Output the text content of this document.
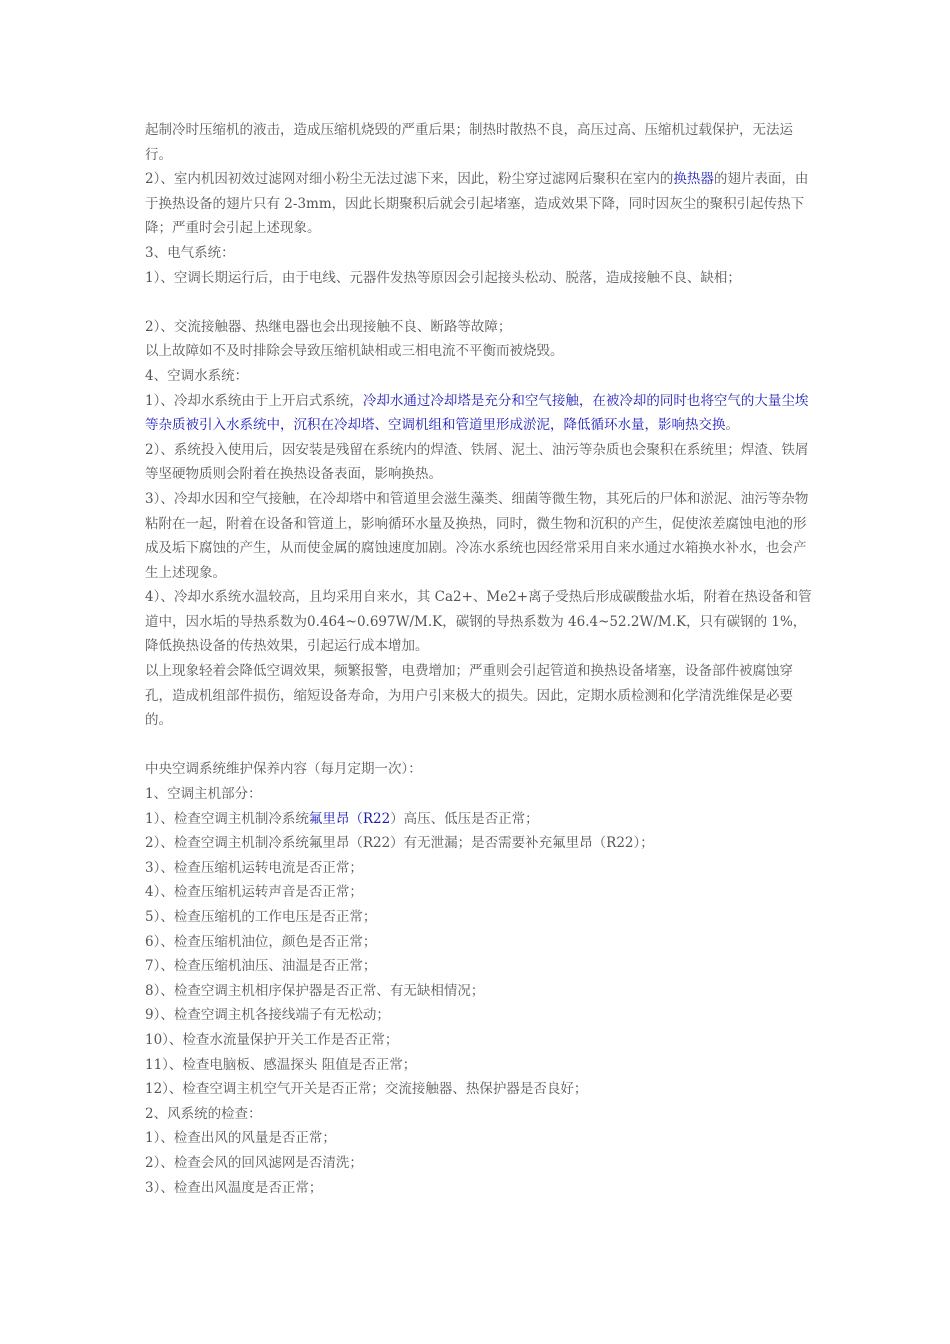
起制冷时压缩机的液击，造成压缩机烧毁的严重后果；制热时散热不良，高压过高、压缩机过载保护，无法运行。

2）、室内机因初效过滤网对细小粉尘无法过滤下来，因此，粉尘穿过滤网后聚积在室内的换热器的翅片表面，由于换热设备的翅片只有 2-3mm，因此长期聚积后就会引起堵塞，造成效果下降，同时因灰尘的聚积引起传热下降；严重时会引起上述现象。

3、电气系统：

1）、空调长期运行后，由于电线、元器件发热等原因会引起接头松动、脱落，造成接触不良、缺相；

2）、交流接触器、热继电器也会出现接触不良、断路等故障；

以上故障如不及时排除会导致压缩机缺相或三相电流不平衡而被烧毁。

4、空调水系统：

1）、冷却水系统由于上开启式系统，冷却水通过冷却塔是充分和空气接触，在被冷却的同时也将空气的大量尘埃等杂质被引入水系统中，沉积在冷却塔、空调机组和管道里形成淤泥，降低循环水量，影响热交换。

2）、系统投入使用后，因安装是残留在系统内的焊渣、铁屑、泥土、油污等杂质也会聚积在系统里；焊渣、铁屑等坚硬物质则会附着在换热设备表面，影响换热。

3）、冷却水因和空气接触，在冷却塔中和管道里会滋生藻类、细菌等微生物，其死后的尸体和淤泥、油污等杂物粘附在一起，附着在设备和管道上，影响循环水量及换热，同时，微生物和沉积的产生，促使浓差腐蚀电池的形成及垢下腐蚀的产生，从而使金属的腐蚀速度加剧。冷冻水系统也因经常采用自来水通过水箱换水补水，也会产生上述现象。

4）、冷却水系统水温较高，且均采用自来水，其 Ca2+、Me2+离子受热后形成碳酸盐水垢，附着在热设备和管道中，因水垢的导热系数为0.464~0.697W/M.K，碳钢的导热系数为 46.4~52.2W/M.K，只有碳钢的 1%，降低换热设备的传热效果，引起运行成本增加。

以上现象轻着会降低空调效果，频繁报警，电费增加；严重则会引起管道和换热设备堵塞，设备部件被腐蚀穿孔，造成机组部件损伤，缩短设备寿命，为用户引来极大的损失。因此，定期水质检测和化学清洗维保是必要的。

中央空调系统维护保养内容（每月定期一次）：

1、空调主机部分：

1）、检查空调主机制冷系统氟里昂（R22）高压、低压是否正常；

2）、检查空调主机制冷系统氟里昂（R22）有无泄漏；是否需要补充氟里昂（R22）；

3）、检查压缩机运转电流是否正常；

4）、检查压缩机运转声音是否正常；

5）、检查压缩机的工作电压是否正常；

6）、检查压缩机油位，颜色是否正常；

7）、检查压缩机油压、油温是否正常；

8）、检查空调主机相序保护器是否正常、有无缺相情况；

9）、检查空调主机各接线端子有无松动；

10）、检查水流量保护开关工作是否正常；

11）、检查电脑板、感温探头 阻值是否正常；

12）、检查空调主机空气开关是否正常；交流接触器、热保护器是否良好；

2、风系统的检查：

1）、检查出风的风量是否正常；

2）、检查会风的回风滤网是否清洗；

3）、检查出风温度是否正常；
